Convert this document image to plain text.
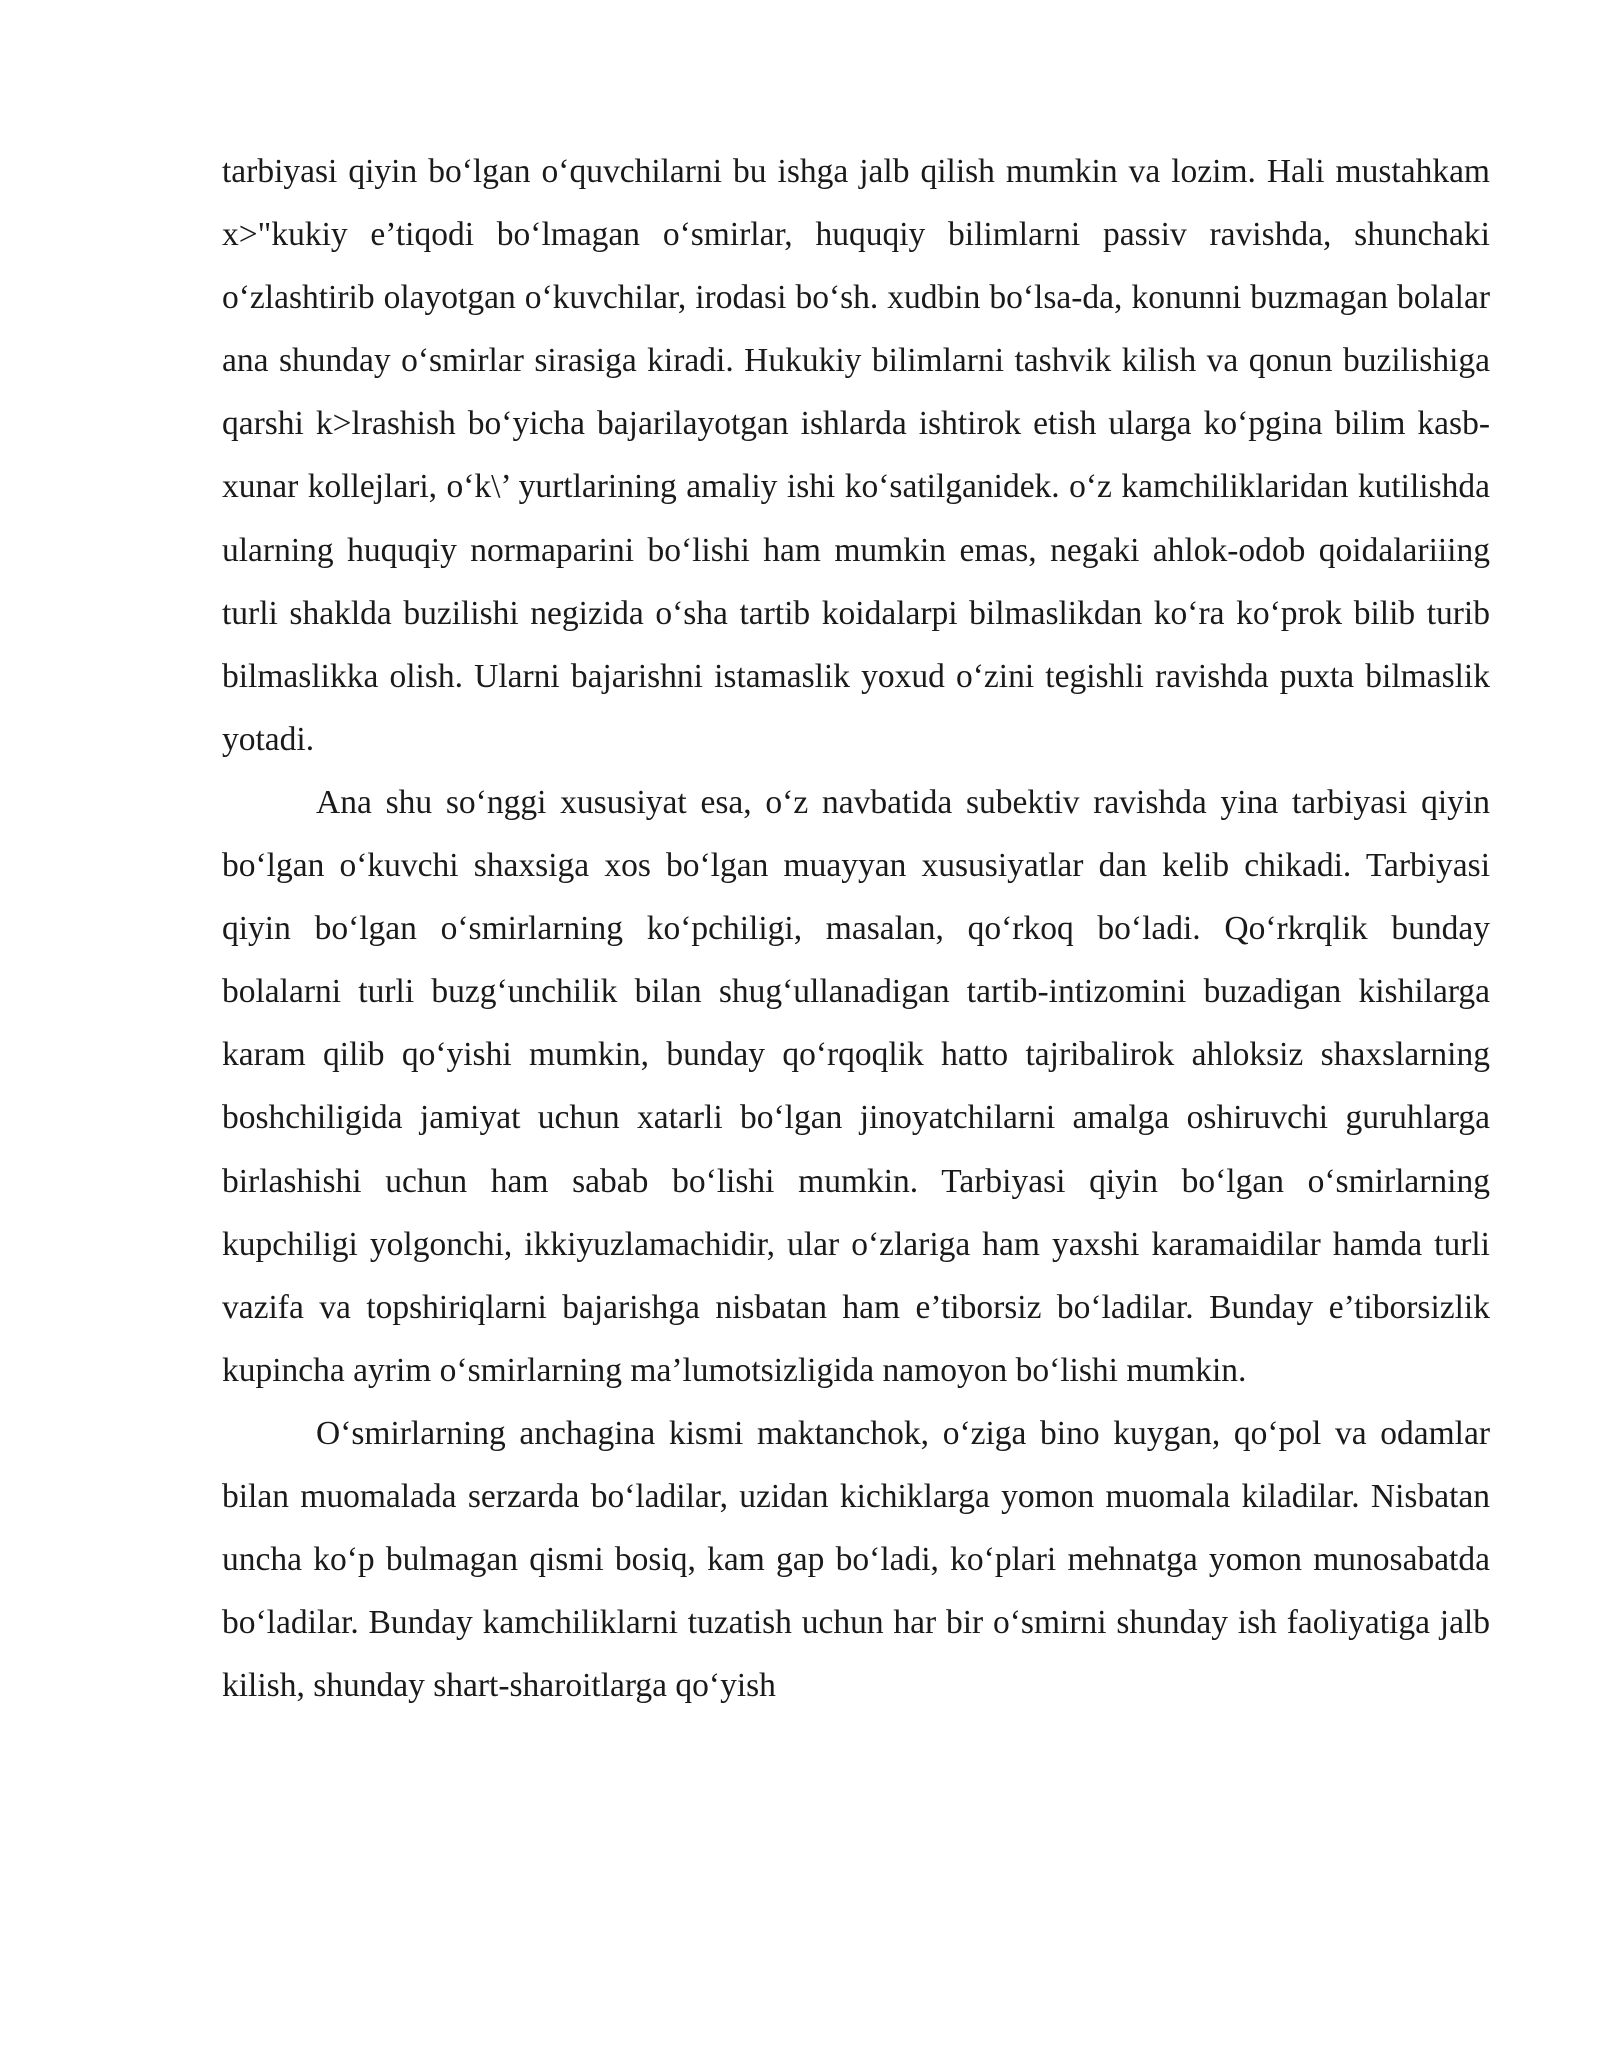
tarbiyasi qiyin bo‘lgan o‘quvchilarni bu ishga jalb qilish mumkin va lozim. Hali mustahkam x>"kukiy e’tiqodi bo‘lmagan o‘smirlar, huquqiy bilimlarni passiv ravishda, shunchaki o‘zlashtirib olayotgan o‘kuvchilar, irodasi bo‘sh. xudbin bo‘lsa-da, konunni buzmagan bolalar ana shunday o‘smirlar sirasiga kiradi. Hukukiy bilimlarni tashvik kilish va qonun buzilishiga qarshi k>lrashish bo‘yicha bajarilayotgan ishlarda ishtirok etish ularga ko‘pgina bilim kasb-xunar kollejlari, o‘k\’ yurtlarining amaliy ishi ko‘satilganidek. o‘z kamchiliklaridan kutilishda ularning huquqiy normaparini bo‘lishi ham mumkin emas, negaki ahlok-odob qoidalariiing turli shaklda buzilishi negizida o‘sha tartib koidalarpi bilmaslikdan ko‘ra ko‘prok bilib turib bilmaslikka olish. Ularni bajarishni istamaslik yoxud o‘zini tegishli ravishda puxta bilmaslik yotadi.

Ana shu so‘nggi xususiyat esa, o‘z navbatida subektiv ravishda yina tarbiyasi qiyin bo‘lgan o‘kuvchi shaxsiga xos bo‘lgan muayyan xususiyatlar dan kelib chikadi. Tarbiyasi qiyin bo‘lgan o‘smirlarning ko‘pchiligi, masalan, qo‘rkoq bo‘ladi. Qo‘rkrqlik bunday bolalarni turli buzg‘unchilik bilan shug‘ullanadigan tartib-intizomini buzadigan kishilarga karam qilib qo‘yishi mumkin, bunday qo‘rqoqlik hatto tajribalirok ahloksiz shaxslarning boshchiligida jamiyat uchun xatarli bo‘lgan jinoyatchilarni amalga oshiruvchi guruhlarga birlashishi uchun ham sabab bo‘lishi mumkin. Tarbiyasi qiyin bo‘lgan o‘smirlarning kupchiligi yolgonchi, ikkiyuzlamachidir, ular o‘zlariga ham yaxshi karamaidilar hamda turli vazifa va topshiriqlarni bajarishga nisbatan ham e’tiborsiz bo‘ladilar. Bunday e’tiborsizlik kupincha ayrim o‘smirlarning ma’lumotsizligida namoyon bo‘lishi mumkin.

O‘smirlarning anchagina kismi maktanchok, o‘ziga bino kuygan, qo‘pol va odamlar bilan muomalada serzarda bo‘ladilar, uzidan kichiklarga yomon muomala kiladilar. Nisbatan uncha ko‘p bulmagan qismi bosiq, kam gap bo‘ladi, ko‘plari mehnatga yomon munosabatda bo‘ladilar. Bunday kamchiliklarni tuzatish uchun har bir o‘smirni shunday ish faoliyatiga jalb kilish, shunday shart-sharoitlarga qo‘yish
